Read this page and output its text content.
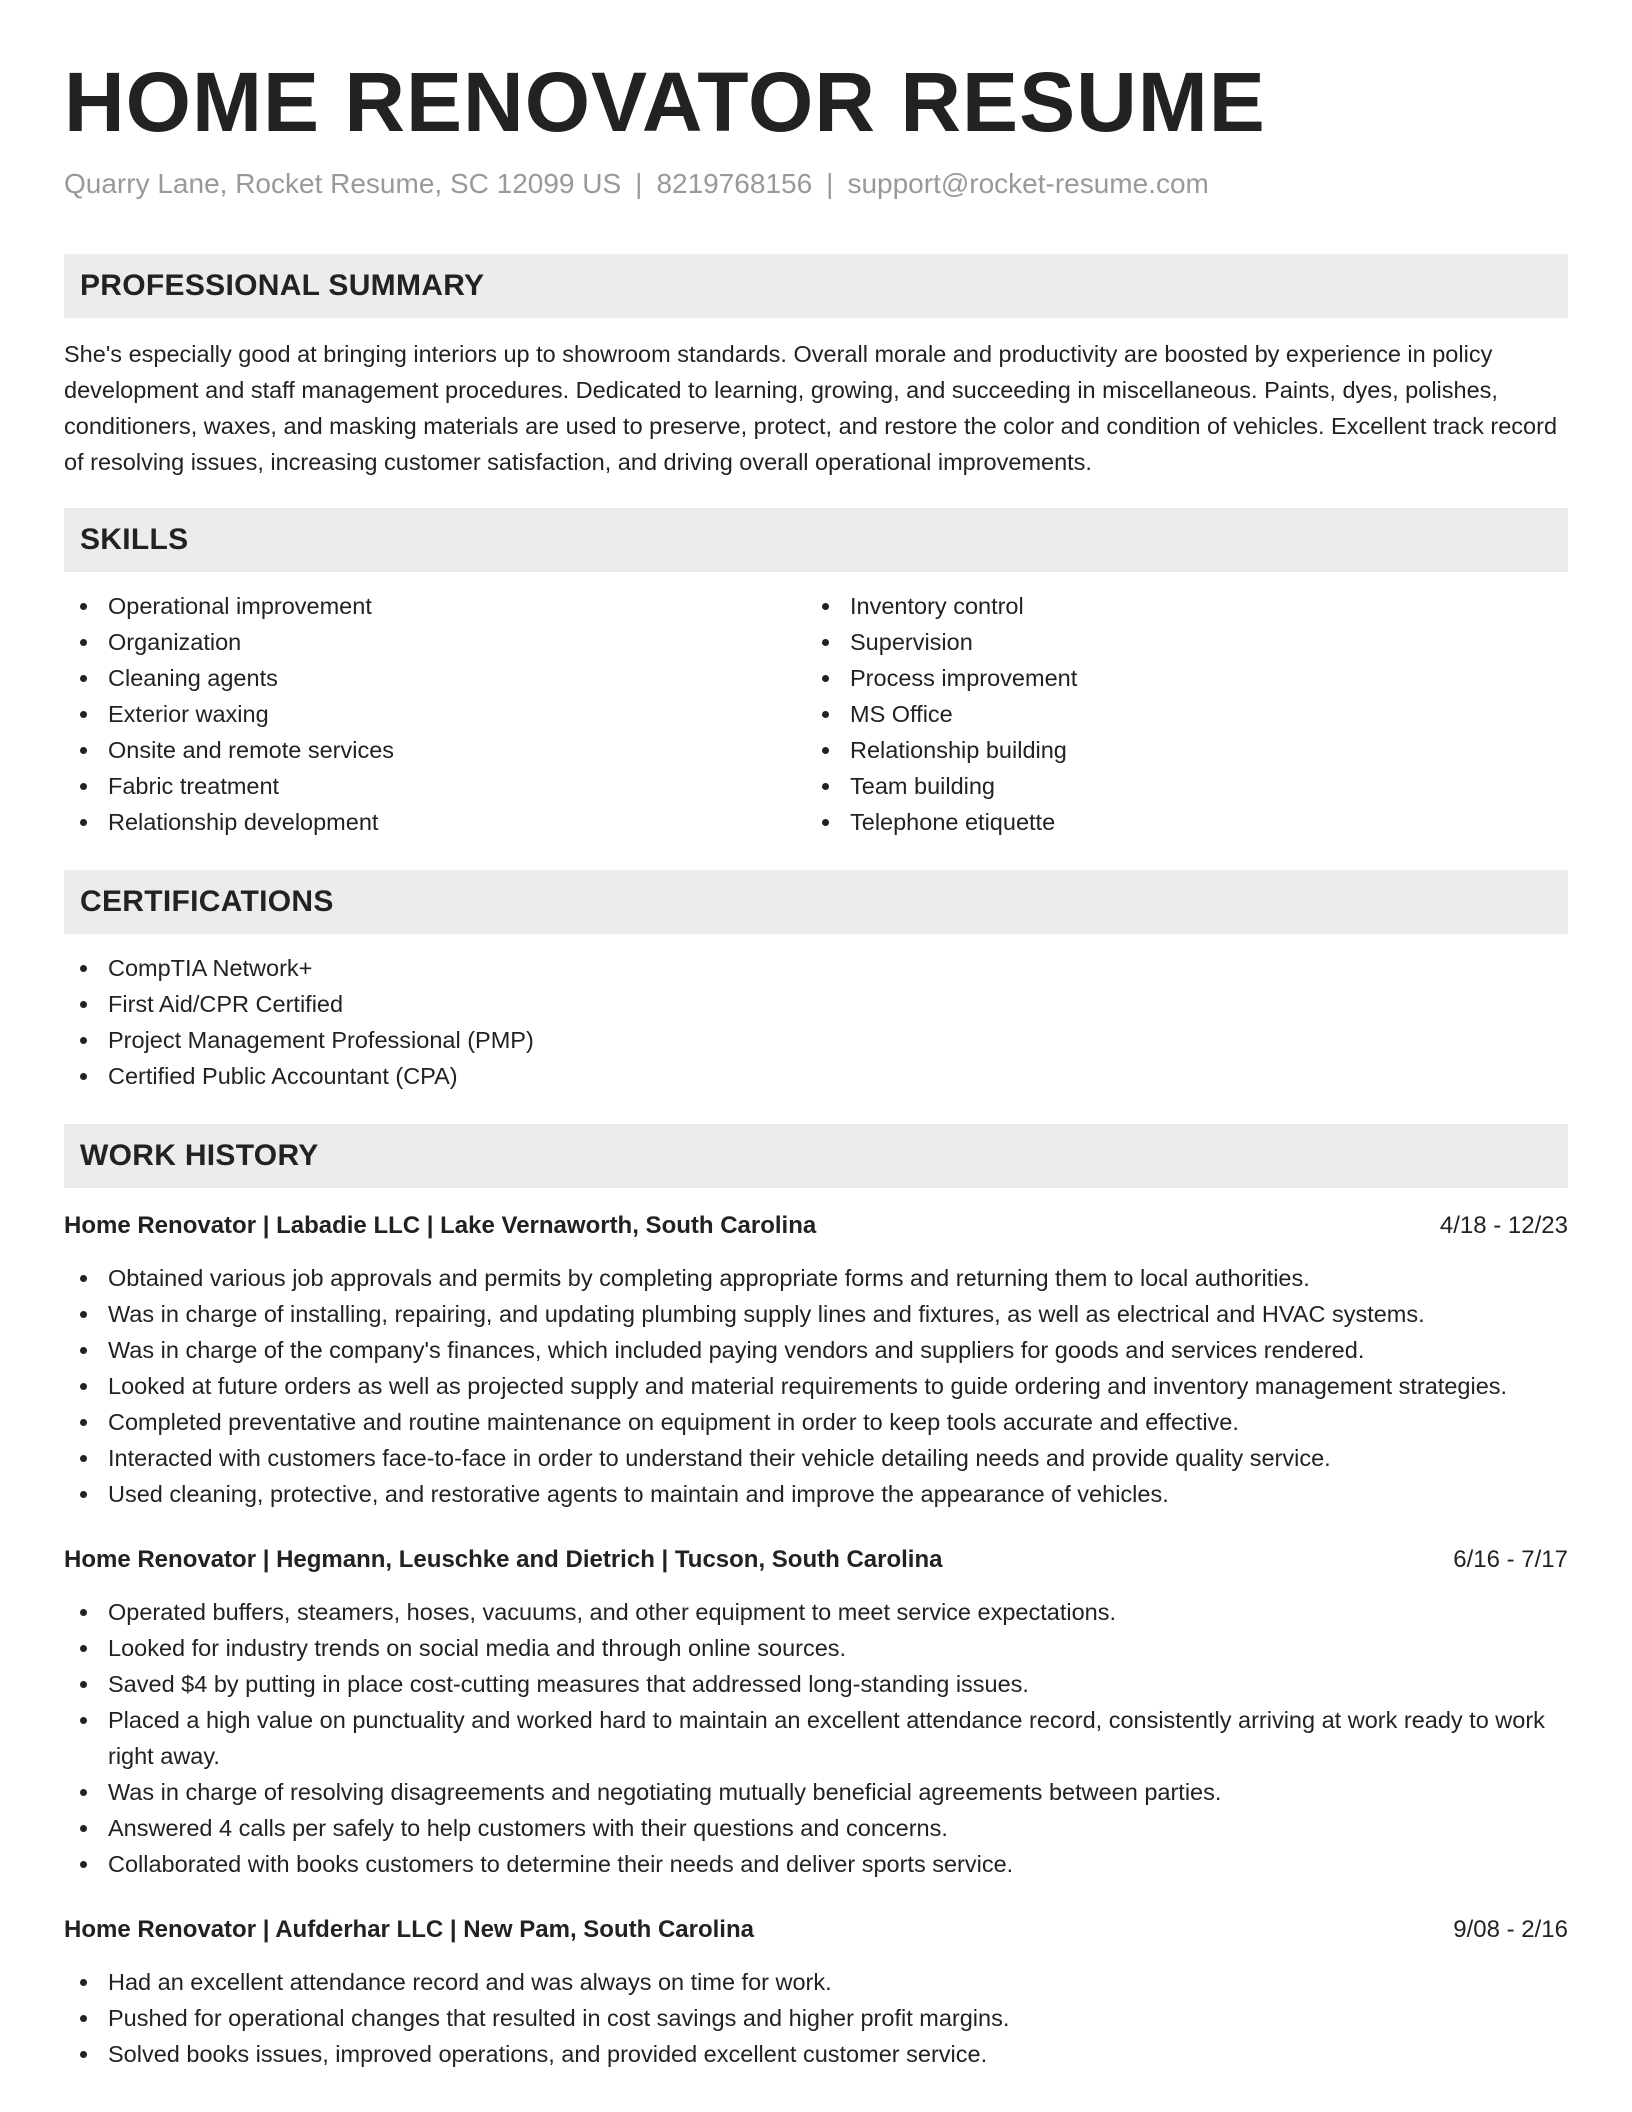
HOME RENOVATOR RESUME
Quarry Lane, Rocket Resume, SC 12099 US | 8219768156 | support@rocket-resume.com
PROFESSIONAL SUMMARY

She's especially good at bringing interiors up to showroom standards. Overall morale and productivity are boosted by experience in policy development and staff management procedures. Dedicated to learning, growing, and succeeding in miscellaneous. Paints, dyes, polishes, conditioners, waxes, and masking materials are used to preserve, protect, and restore the color and condition of vehicles. Excellent track record of resolving issues, increasing customer satisfaction, and driving overall operational improvements.

SKILLS
Operational improvement
Organization
Cleaning agents
Exterior waxing
Onsite and remote services
Fabric treatment
Relationship development
Inventory control
Supervision
Process improvement
MS Office
Relationship building
Team building
Telephone etiquette
CERTIFICATIONS
CompTIA Network+
First Aid/CPR Certified
Project Management Professional (PMP)
Certified Public Accountant (CPA)
WORK HISTORY
Home Renovator | Labadie LLC | Lake Vernaworth, South Carolina	4/18 - 12/23
Obtained various job approvals and permits by completing appropriate forms and returning them to local authorities.
Was in charge of installing, repairing, and updating plumbing supply lines and fixtures, as well as electrical and HVAC systems.
Was in charge of the company's finances, which included paying vendors and suppliers for goods and services rendered.
Looked at future orders as well as projected supply and material requirements to guide ordering and inventory management strategies.
Completed preventative and routine maintenance on equipment in order to keep tools accurate and effective.
Interacted with customers face-to-face in order to understand their vehicle detailing needs and provide quality service.
Used cleaning, protective, and restorative agents to maintain and improve the appearance of vehicles.
Home Renovator | Hegmann, Leuschke and Dietrich | Tucson, South Carolina	6/16 - 7/17
Operated buffers, steamers, hoses, vacuums, and other equipment to meet service expectations.
Looked for industry trends on social media and through online sources.
Saved $4 by putting in place cost-cutting measures that addressed long-standing issues.
Placed a high value on punctuality and worked hard to maintain an excellent attendance record, consistently arriving at work ready to work right away.
Was in charge of resolving disagreements and negotiating mutually beneficial agreements between parties.
Answered 4 calls per safely to help customers with their questions and concerns.
Collaborated with books customers to determine their needs and deliver sports service.
Home Renovator | Aufderhar LLC | New Pam, South Carolina	9/08 - 2/16
Had an excellent attendance record and was always on time for work.
Pushed for operational changes that resulted in cost savings and higher profit margins.
Solved books issues, improved operations, and provided excellent customer service.
